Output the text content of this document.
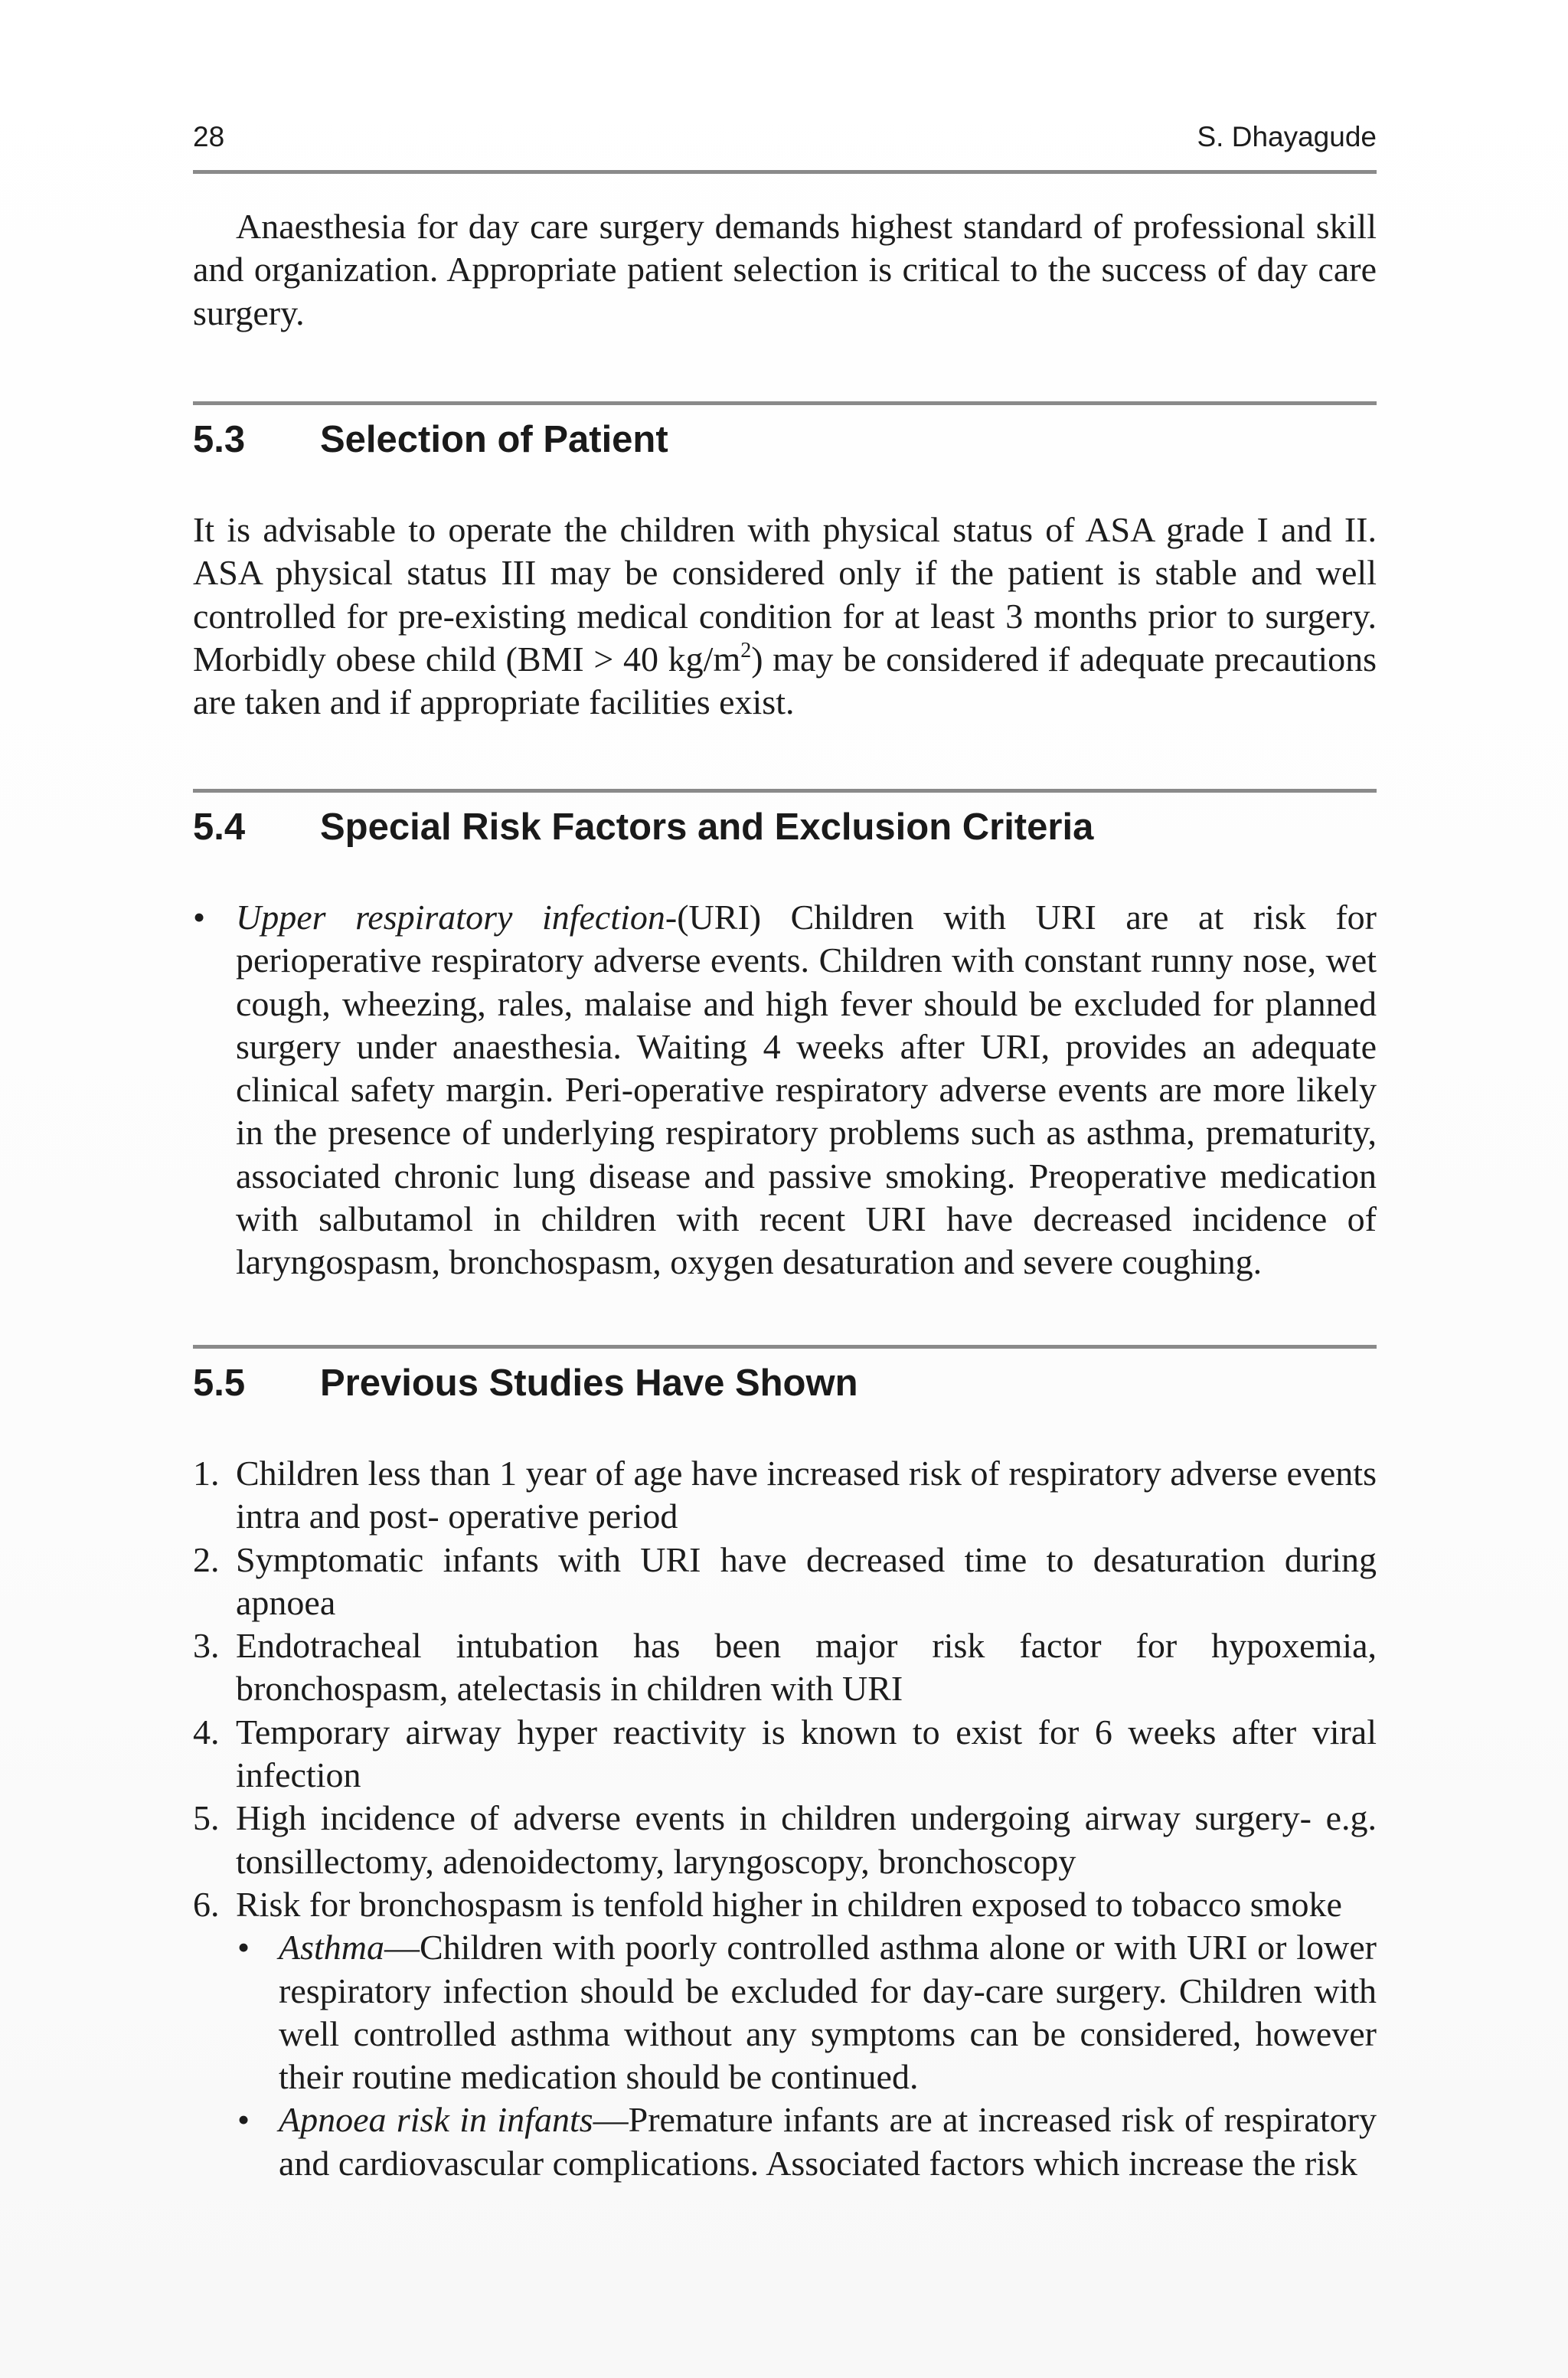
28	S. Dhayagude

Anaesthesia for day care surgery demands highest standard of professional skill and organization. Appropriate patient selection is critical to the success of day care surgery.

5.3	Selection of Patient

It is advisable to operate the children with physical status of ASA grade I and II. ASA physical status III may be considered only if the patient is stable and well controlled for pre-existing medical condition for at least 3 months prior to surgery. Morbidly obese child (BMI > 40 $kg/m^2$) may be considered if adequate precautions are taken and if appropriate facilities exist.

5.4	Special Risk Factors and Exclusion Criteria
• Upper respiratory infection-(URI) Children with URI are at risk for perioperative respiratory adverse events. Children with constant runny nose, wet cough, wheezing, rales, malaise and high fever should be excluded for planned surgery under anaesthesia. Waiting 4 weeks after URI, provides an adequate clinical safety margin. Peri-operative respiratory adverse events are more likely in the presence of underlying respiratory problems such as asthma, prematurity, associated chronic lung disease and passive smoking. Preoperative medication with salbutamol in children with recent URI have decreased incidence of laryngospasm, bronchospasm, oxygen desaturation and severe coughing.
5.5	Previous Studies Have Shown
1. Children less than 1 year of age have increased risk of respiratory adverse events intra and post- operative period
2. Symptomatic infants with URI have decreased time to desaturation during apnoea
3. Endotracheal intubation has been major risk factor for hypoxemia, bronchospasm, atelectasis in children with URI
4. Temporary airway hyper reactivity is known to exist for 6 weeks after viral infection
5. High incidence of adverse events in children undergoing airway surgery- e.g. tonsillectomy, adenoidectomy, laryngoscopy, bronchoscopy
6. Risk for bronchospasm is tenfold higher in children exposed to tobacco smoke
• Asthma—Children with poorly controlled asthma alone or with URI or lower respiratory infection should be excluded for day-care surgery. Children with well controlled asthma without any symptoms can be considered, however their routine medication should be continued.
• Apnoea risk in infants—Premature infants are at increased risk of respiratory and cardiovascular complications. Associated factors which increase the risk
